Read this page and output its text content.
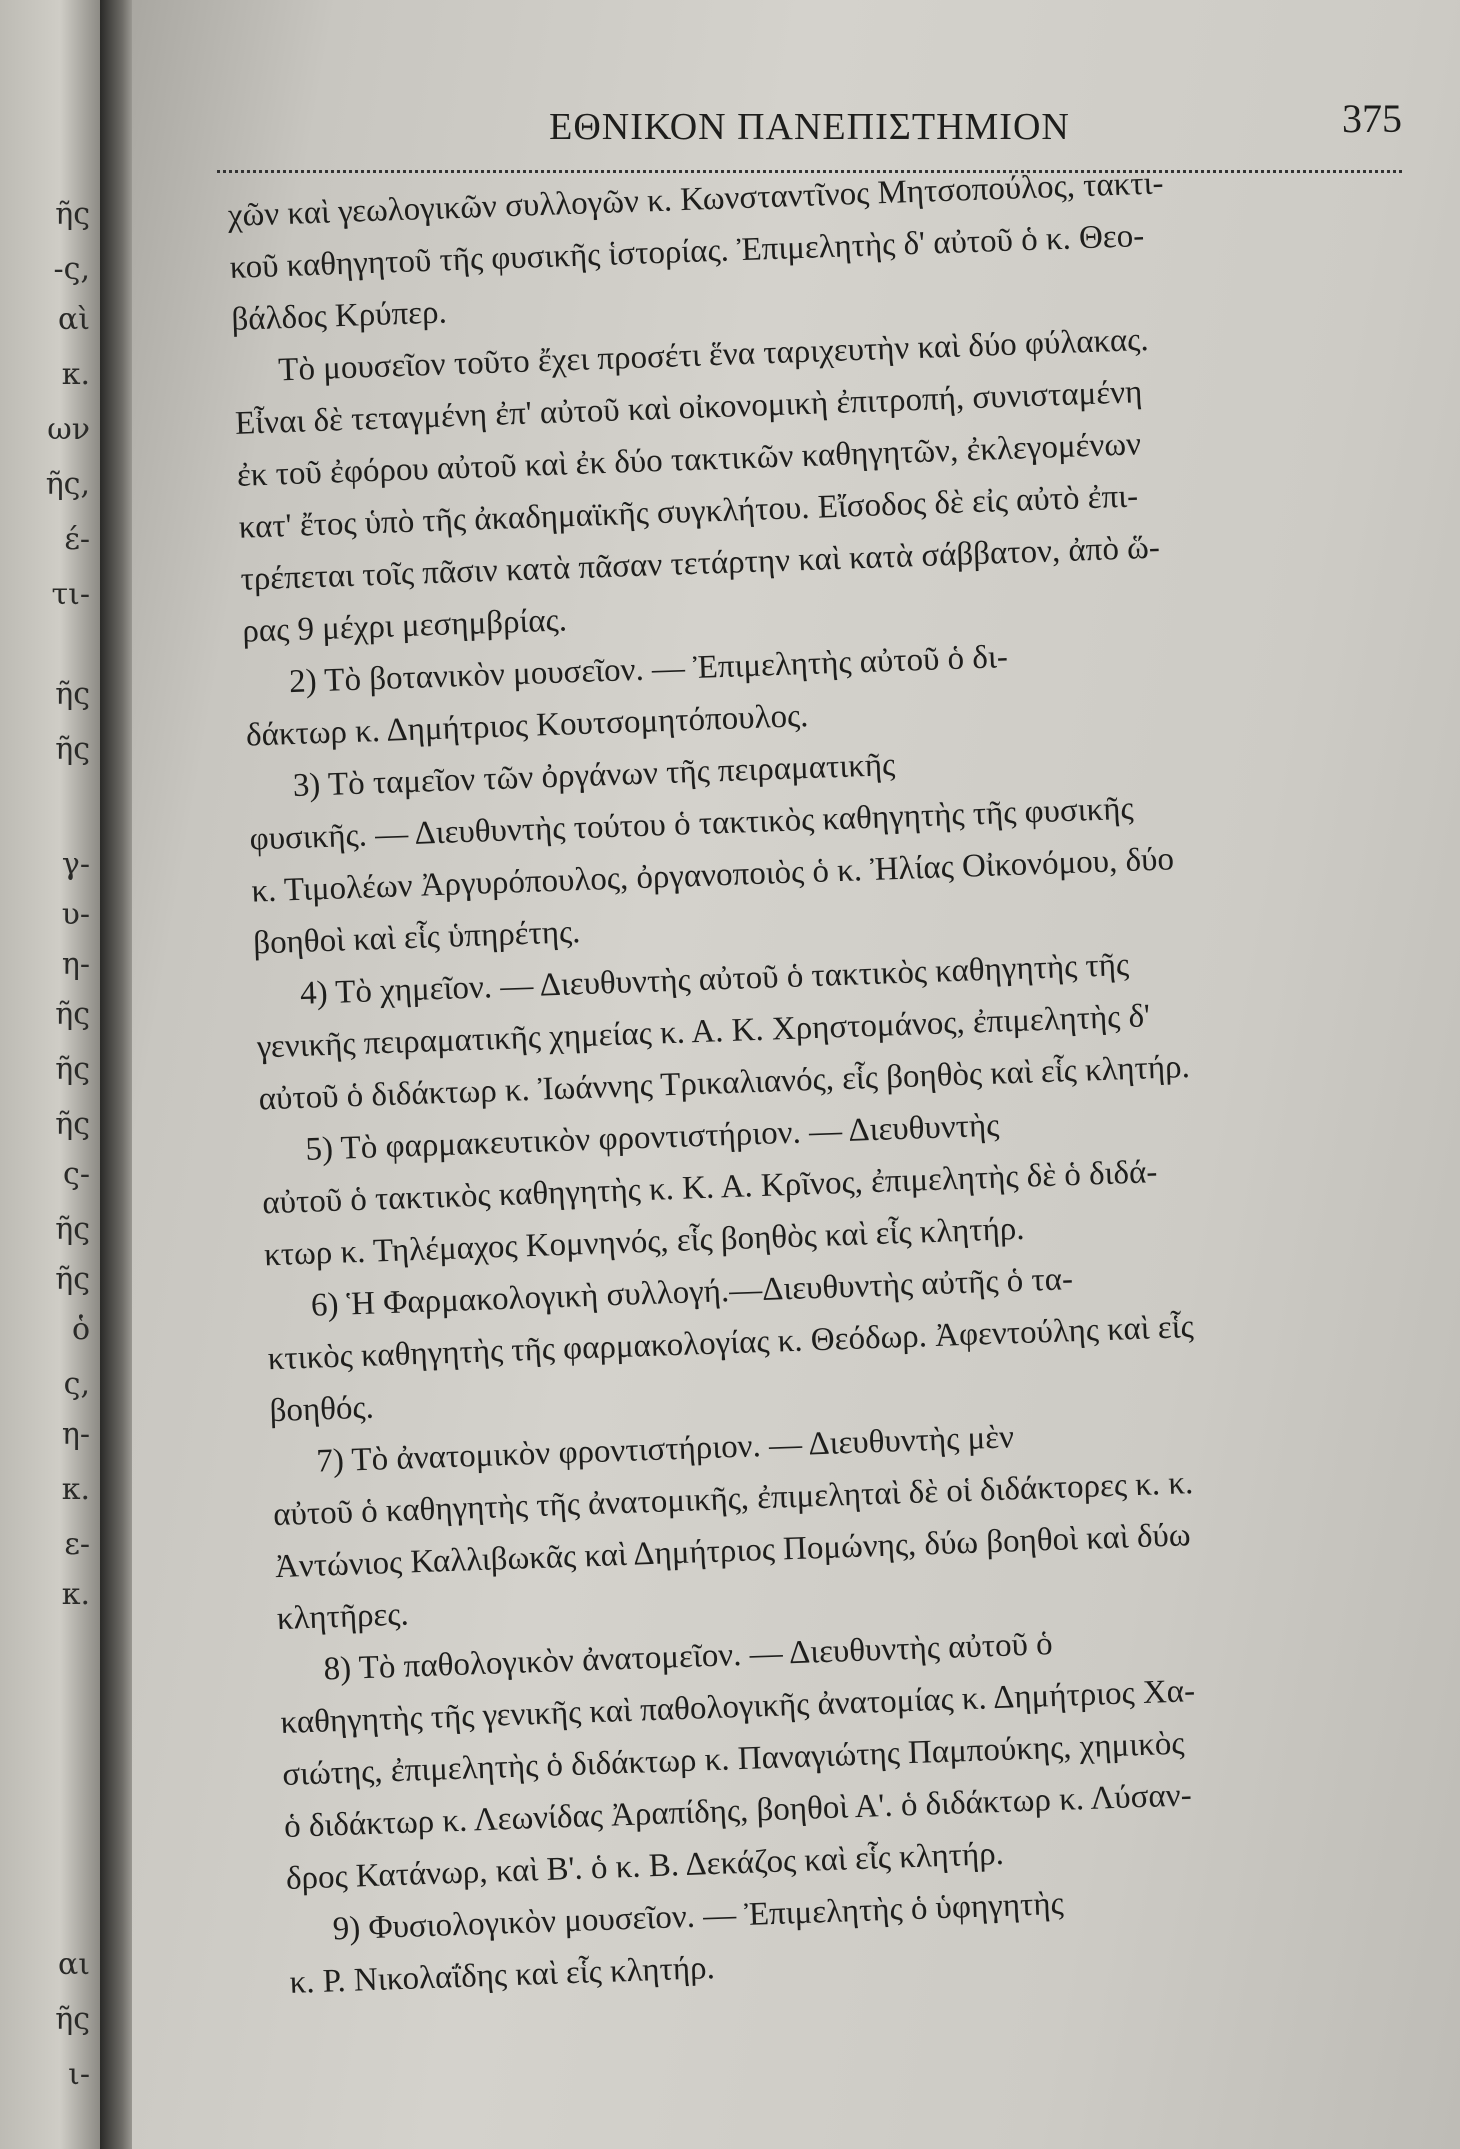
ῆς
-ς,
αὶ
κ.
ων
ῆς,
έ-
τι-
ῆς
ῆς
γ-
υ-
η-
ῆς
ῆς
ῆς
ς-
ῆς
ῆς
ὁ
ς,
η-
κ.
ε-
κ.
αι
ῆς
ι-
ΕΘΝΙΚΟΝ ΠΑΝΕΠΙΣΤΗΜΙΟΝ	375
χῶν καὶ γεωλογικῶν συλλογῶν κ. Κωνσταντῖνος Μητσοπούλος, τακτι-
κοῦ καθηγητοῦ τῆς φυσικῆς ἱστορίας. Ἐπιμελητὴς δ' αὐτοῦ ὁ κ. Θεο-
βάλδος Κρύπερ.
Τὸ μουσεῖον τοῦτο ἔχει προσέτι ἕνα ταριχευτὴν καὶ δύο φύλακας.
Εἶναι δὲ τεταγμένη ἐπ' αὐτοῦ καὶ οἰκονομικὴ ἐπιτροπή, συνισταμένη
ἐκ τοῦ ἐφόρου αὐτοῦ καὶ ἐκ δύο τακτικῶν καθηγητῶν, ἐκλεγομένων
κατ' ἔτος ὑπὸ τῆς ἀκαδημαϊκῆς συγκλήτου. Εἴσοδος δὲ εἰς αὐτὸ ἐπι-
τρέπεται τοῖς πᾶσιν κατὰ πᾶσαν τετάρτην καὶ κατὰ σάββατον, ἀπὸ ὥ-
ρας 9 μέχρι μεσημβρίας.
2) Τὸ βοτανικὸν μουσεῖον. — Ἐπιμελητὴς αὐτοῦ ὁ δι-
δάκτωρ κ. Δημήτριος Κουτσομητόπουλος.
3) Τὸ ταμεῖον τῶν ὀργάνων τῆς πειραματικῆς
φυσικῆς. — Διευθυντὴς τούτου ὁ τακτικὸς καθηγητὴς τῆς φυσικῆς
κ. Τιμολέων Ἀργυρόπουλος, ὀργανοποιὸς ὁ κ. Ἠλίας Οἰκονόμου, δύο
βοηθοὶ καὶ εἷς ὑπηρέτης.
4) Τὸ χημεῖον. — Διευθυντὴς αὐτοῦ ὁ τακτικὸς καθηγητὴς τῆς
γενικῆς πειραματικῆς χημείας κ. Α. Κ. Χρηστομάνος, ἐπιμελητὴς δ'
αὐτοῦ ὁ διδάκτωρ κ. Ἰωάννης Τρικαλιανός, εἷς βοηθὸς καὶ εἷς κλητήρ.
5) Τὸ φαρμακευτικὸν φροντιστήριον. — Διευθυντὴς
αὐτοῦ ὁ τακτικὸς καθηγητὴς κ. Κ. Α. Κρῖνος, ἐπιμελητὴς δὲ ὁ διδά-
κτωρ κ. Τηλέμαχος Κομνηνός, εἷς βοηθὸς καὶ εἷς κλητήρ.
6) Ἡ Φαρμακολογικὴ συλλογή.—Διευθυντὴς αὐτῆς ὁ τα-
κτικὸς καθηγητὴς τῆς φαρμακολογίας κ. Θεόδωρ. Ἀφεντούλης καὶ εἷς
βοηθός.
7) Τὸ ἀνατομικὸν φροντιστήριον. — Διευθυντὴς μὲν
αὐτοῦ ὁ καθηγητὴς τῆς ἀνατομικῆς, ἐπιμεληταὶ δὲ οἱ διδάκτορες κ. κ.
Ἀντώνιος Καλλιβωκᾶς καὶ Δημήτριος Πομώνης, δύω βοηθοὶ καὶ δύω
κλητῆρες.
8) Τὸ παθολογικὸν ἀνατομεῖον. — Διευθυντὴς αὐτοῦ ὁ
καθηγητὴς τῆς γενικῆς καὶ παθολογικῆς ἀνατομίας κ. Δημήτριος Χα-
σιώτης, ἐπιμελητὴς ὁ διδάκτωρ κ. Παναγιώτης Παμπούκης, χημικὸς
ὁ διδάκτωρ κ. Λεωνίδας Ἀραπίδης, βοηθοὶ Α'. ὁ διδάκτωρ κ. Λύσαν-
δρος Κατάνωρ, καὶ Β'. ὁ κ. Β. Δεκάζος καὶ εἷς κλητήρ.
9) Φυσιολογικὸν μουσεῖον. — Ἐπιμελητὴς ὁ ὑφηγητὴς
κ. Ρ. Νικολαΐδης καὶ εἷς κλητήρ.
